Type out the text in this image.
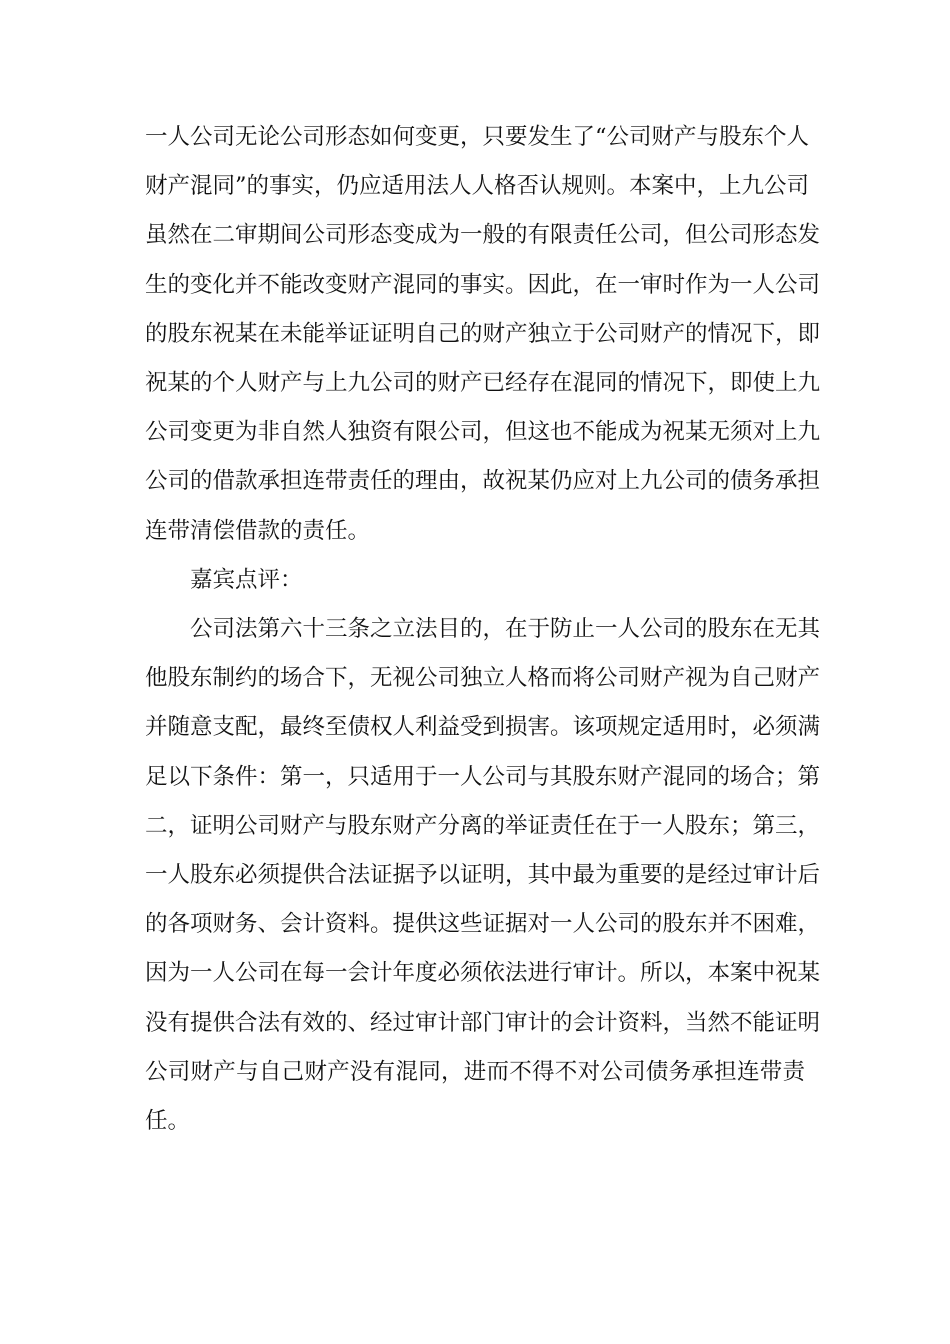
一人公司无论公司形态如何变更，只要发生了“公司财产与股东个人
财产混同”的事实，仍应适用法人人格否认规则。本案中，上九公司
虽然在二审期间公司形态变成为一般的有限责任公司，但公司形态发
生的变化并不能改变财产混同的事实。因此，在一审时作为一人公司
的股东祝某在未能举证证明自己的财产独立于公司财产的情况下，即
祝某的个人财产与上九公司的财产已经存在混同的情况下，即使上九
公司变更为非自然人独资有限公司，但这也不能成为祝某无须对上九
公司的借款承担连带责任的理由，故祝某仍应对上九公司的债务承担
连带清偿借款的责任。
嘉宾点评：
公司法第六十三条之立法目的，在于防止一人公司的股东在无其
他股东制约的场合下，无视公司独立人格而将公司财产视为自己财产
并随意支配，最终至债权人利益受到损害。该项规定适用时，必须满
足以下条件：第一，只适用于一人公司与其股东财产混同的场合；第
二，证明公司财产与股东财产分离的举证责任在于一人股东；第三，
一人股东必须提供合法证据予以证明，其中最为重要的是经过审计后
的各项财务、会计资料。提供这些证据对一人公司的股东并不困难，
因为一人公司在每一会计年度必须依法进行审计。所以，本案中祝某
没有提供合法有效的、经过审计部门审计的会计资料，当然不能证明
公司财产与自己财产没有混同，进而不得不对公司债务承担连带责
任。
